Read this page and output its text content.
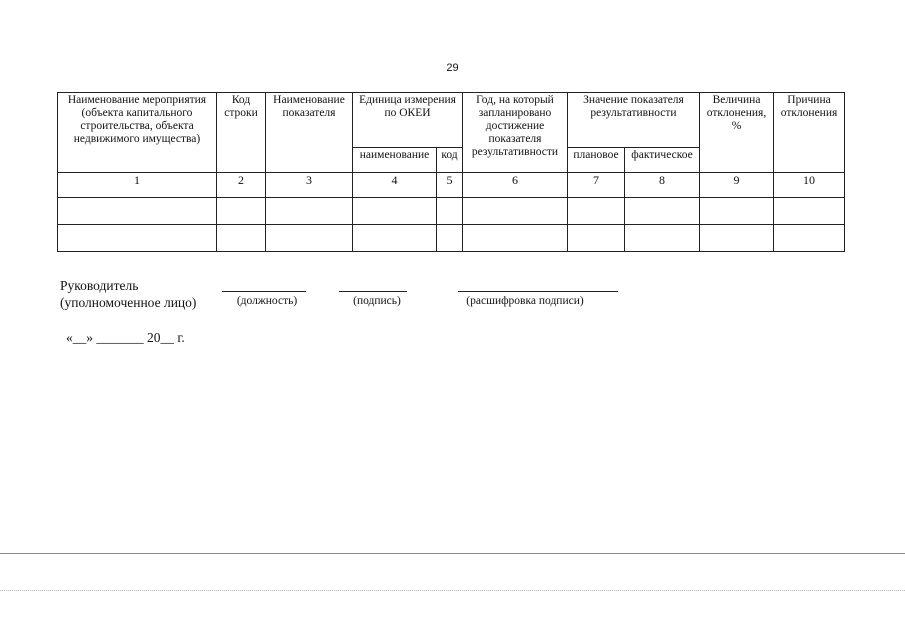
29
Наименование мероприятия (объекта капитального строительства, объекта недвижимого имущества)	Код строки	Наименование показателя	Единица измерения по ОКЕИ		Год, на который запланировано достижение показателя результативности	Значение показателя результативности		Величина отклонения, %	Причина отклонения
			наименование	код		плановое	фактическое		
1	2	3	4	5	6	7	8	9	10

Руководитель
(уполномоченное лицо)	(должность)	(подпись)	(расшифровка подписи)
«__» _______ 20__ г.
